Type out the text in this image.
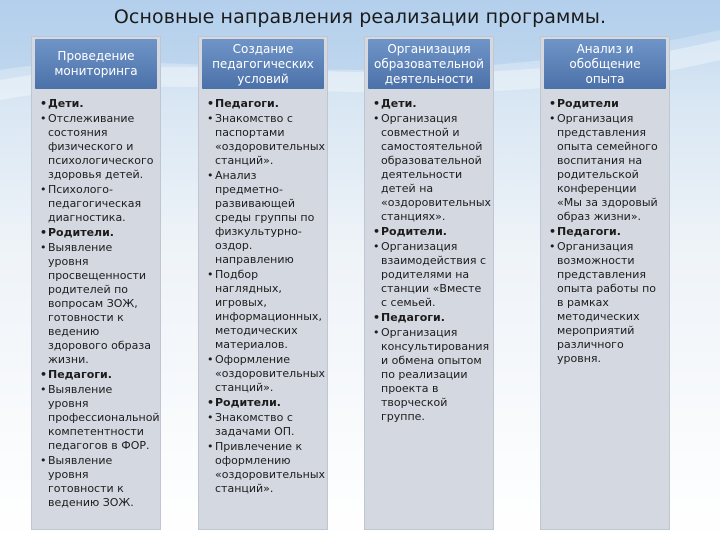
Основные направления реализации программы.
Проведение мониторинга
• Дети.
• Отслеживание состояния физического и психологического здоровья детей.
• Психолого-педагогическая диагностика.
• Родители.
• Выявление уровня просвещенности родителей по вопросам ЗОЖ, готовности к ведению здорового образа жизни.
• Педагоги.
• Выявление уровня профессиональной компетентности педагогов в ФОР.
• Выявление уровня готовности к ведению ЗОЖ.
Создание педагогических условий
• Педагоги.
• Знакомство с паспортами «оздоровительных станций».
• Анализ предметно-развивающей среды группы по физкультурно-оздор. направлению
• Подбор наглядных, игровых, информационных, методических материалов.
• Оформление «оздоровительных станций».
• Родители.
• Знакомство с задачами ОП.
• Привлечение к оформлению «оздоровительных станций».
Организация образовательной деятельности
• Дети.
• Организация совместной и самостоятельной образовательной деятельности детей на «оздоровительных станциях».
• Родители.
• Организация взаимодействия с родителями на станции «Вместе с семьей.
• Педагоги.
• Организация консультирования и обмена опытом по реализации проекта в творческой группе.
Анализ и обобщение опыта
• Родители
• Организация представления опыта семейного воспитания на родительской конференции «Мы за здоровый образ жизни».
• Педагоги.
• Организация возможности представления опыта работы по в рамках методических мероприятий различного уровня.
